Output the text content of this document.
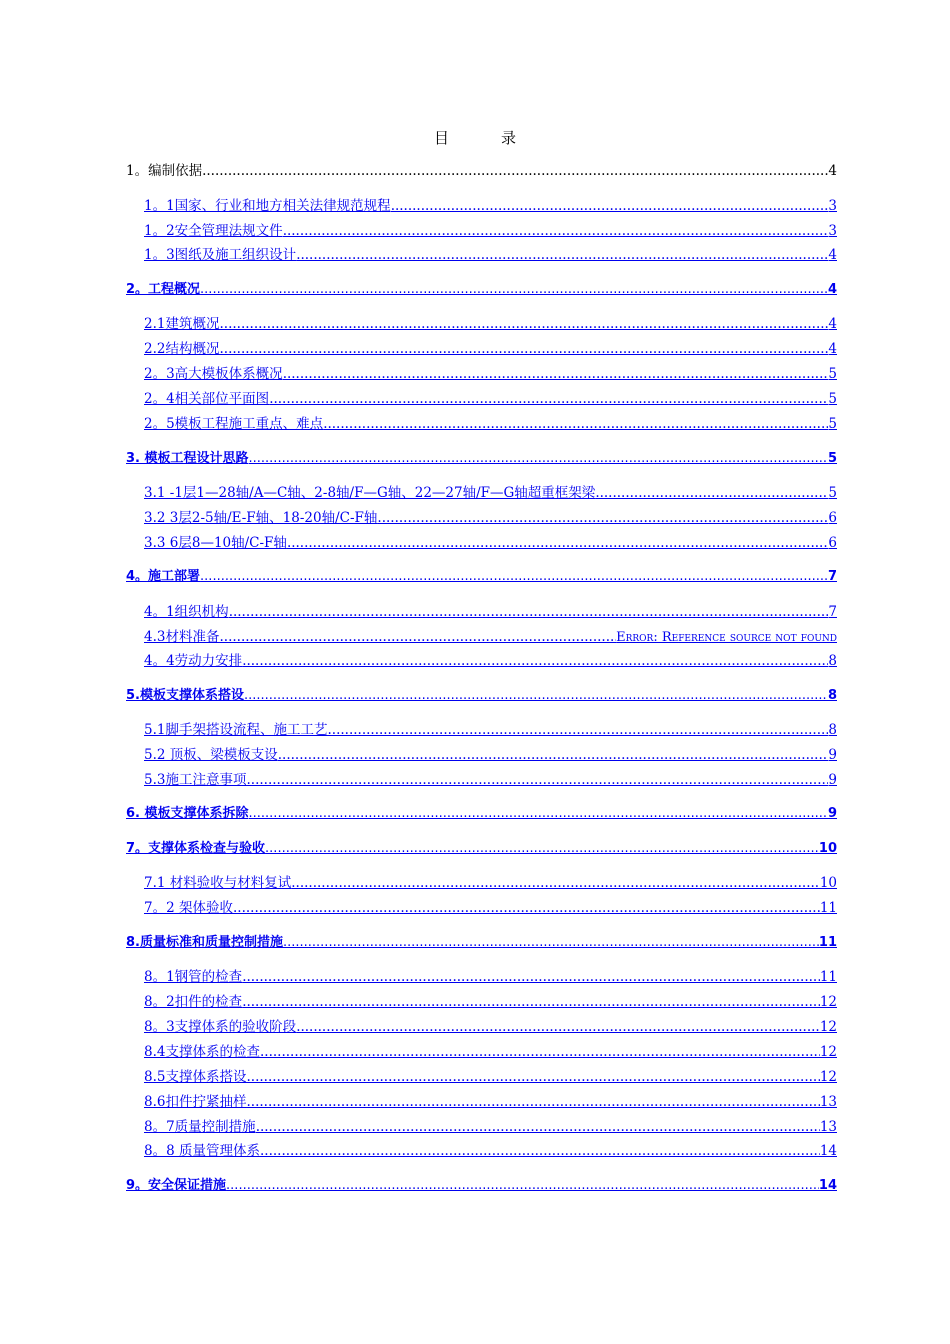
目	录
1。编制依据 .....	4
1。1国家、行业和地方相关法律规范规程 .....	3
1。2安全管理法规文件 .....	3
1。3图纸及施工组织设计 .....	4
2。工程概况 .....	4
2.1建筑概况 .....	4
2.2结构概况 .....	4
2。3高大模板体系概况 .....	5
2。4相关部位平面图 .....	5
2。5模板工程施工重点、难点 .....	5
3. 模板工程设计思路 .....	5
3.1 -1层1—28轴/A—C轴、2-8轴/F—G轴、22—27轴/F—G轴超重框架梁 .....	5
3.2 3层2-5轴/E-F轴、18-20轴/C-F轴 .....	6
3.3 6层8—10轴/C-F轴 .....	6
4。施工部署 .....	7
4。1组织机构 .....	7
4.3材料准备 .....	Error: Reference source not found
4。4劳动力安排 .....	8
5.模板支撑体系搭设 .....	8
5.1脚手架搭设流程、施工工艺 .....	8
5.2 顶板、梁模板支设 .....	9
5.3施工注意事项 .....	9
6. 模板支撑体系拆除 .....	9
7。支撑体系检查与验收 .....	10
7.1 材料验收与材料复试 .....	10
7。2 架体验收 .....	11
8.质量标准和质量控制措施 .....	11
8。1钢管的检查 .....	11
8。2扣件的检查 .....	12
8。3支撑体系的验收阶段 .....	12
8.4支撑体系的检查 .....	12
8.5支撑体系搭设 .....	12
8.6扣件拧紧抽样 .....	13
8。7质量控制措施 .....	13
8。8 质量管理体系 .....	14
9。安全保证措施 .....	14
